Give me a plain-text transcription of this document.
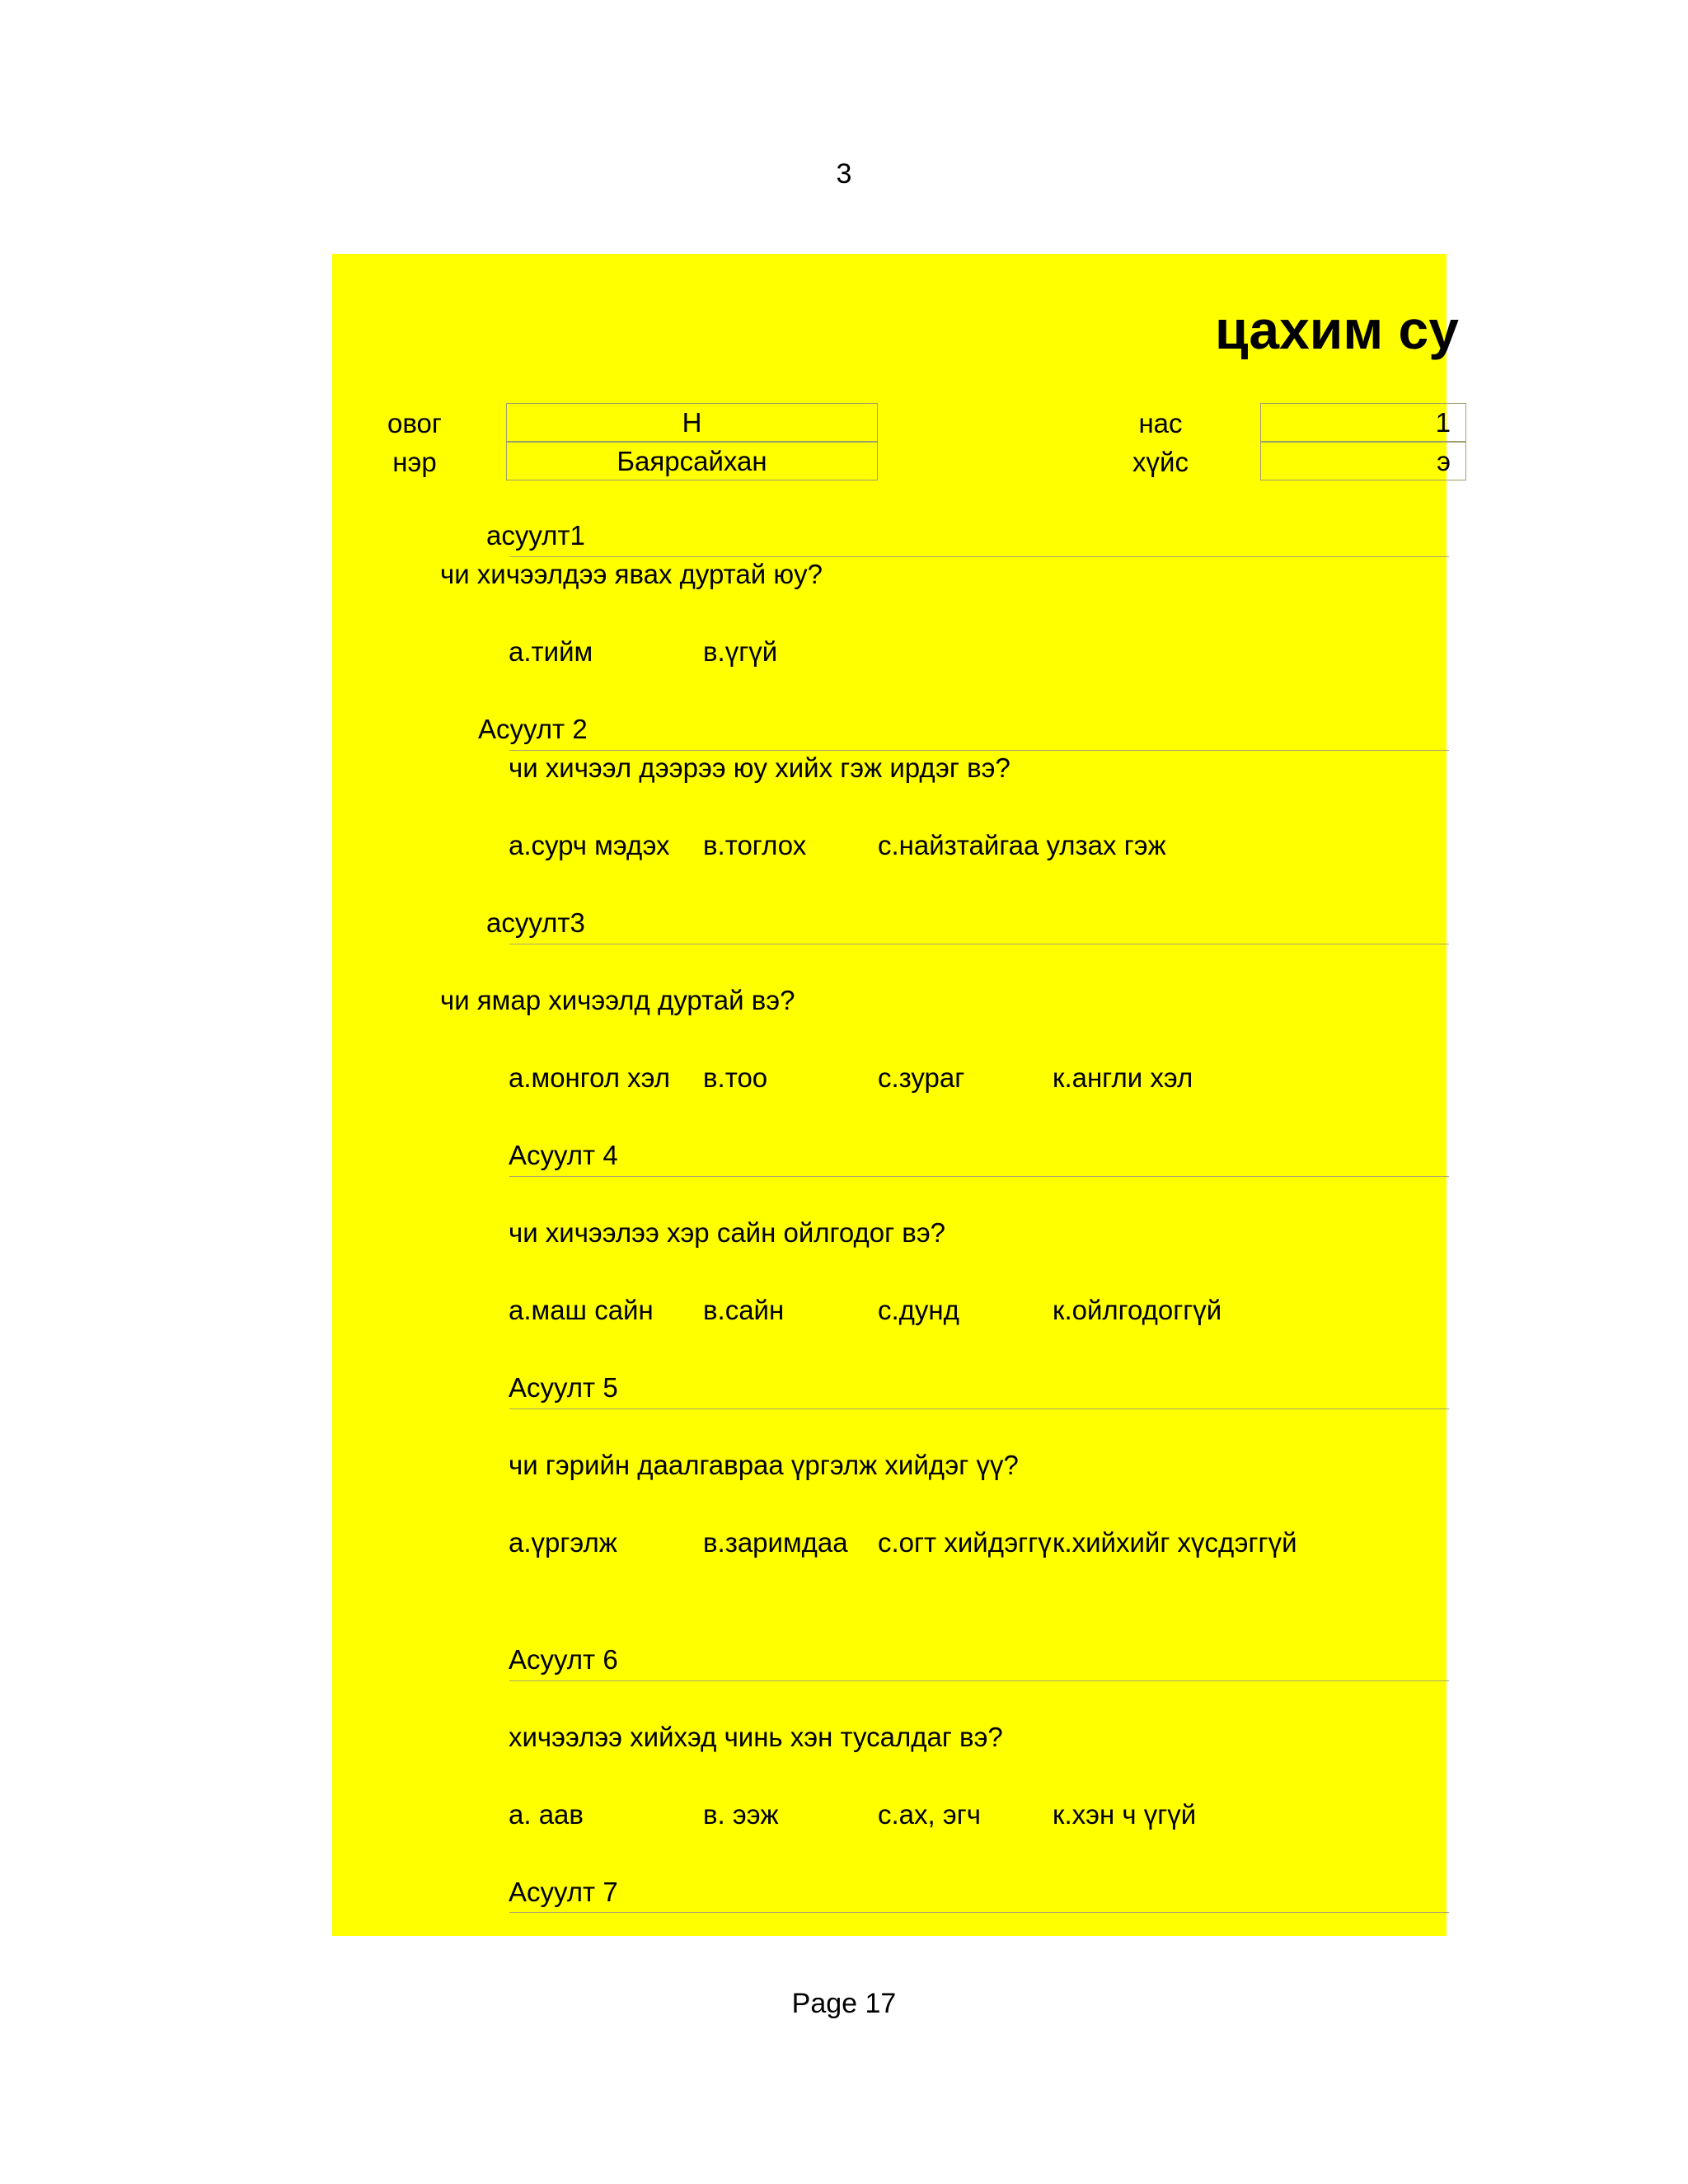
3
цахим су
овог	Н
нэр	Баярсайхан
нас	1
хүйс	э
асуулт1
чи хичээлдээ явах дуртай юу?
а.тийм	в.үгүй
Асуулт 2
чи хичээл дээрээ юу хийх гэж ирдэг вэ?
а.сурч мэдэх в.тоглох	с.найзтайгаа улзах гэж
асуулт3
чи ямар хичээлд дуртай вэ?
а.монгол хэл в.тоо	с.зураг	к.англи хэл
Асуулт 4
чи хичээлээ хэр сайн ойлгодог вэ?
а.маш сайн в.сайн	с.дунд	к.ойлгодоггүй
Асуулт 5
чи гэрийн даалгавраа үргэлж хийдэг үү?
а.үргэлж	в.заримдаа с.огт хийдэггү к.хийхийг хүсдэггүй
Асуулт 6
хичээлээ хийхэд чинь хэн тусалдаг вэ?
а. аав	в. ээж	с.ах, эгч	к.хэн ч үгүй
Асуулт 7
Page 17
